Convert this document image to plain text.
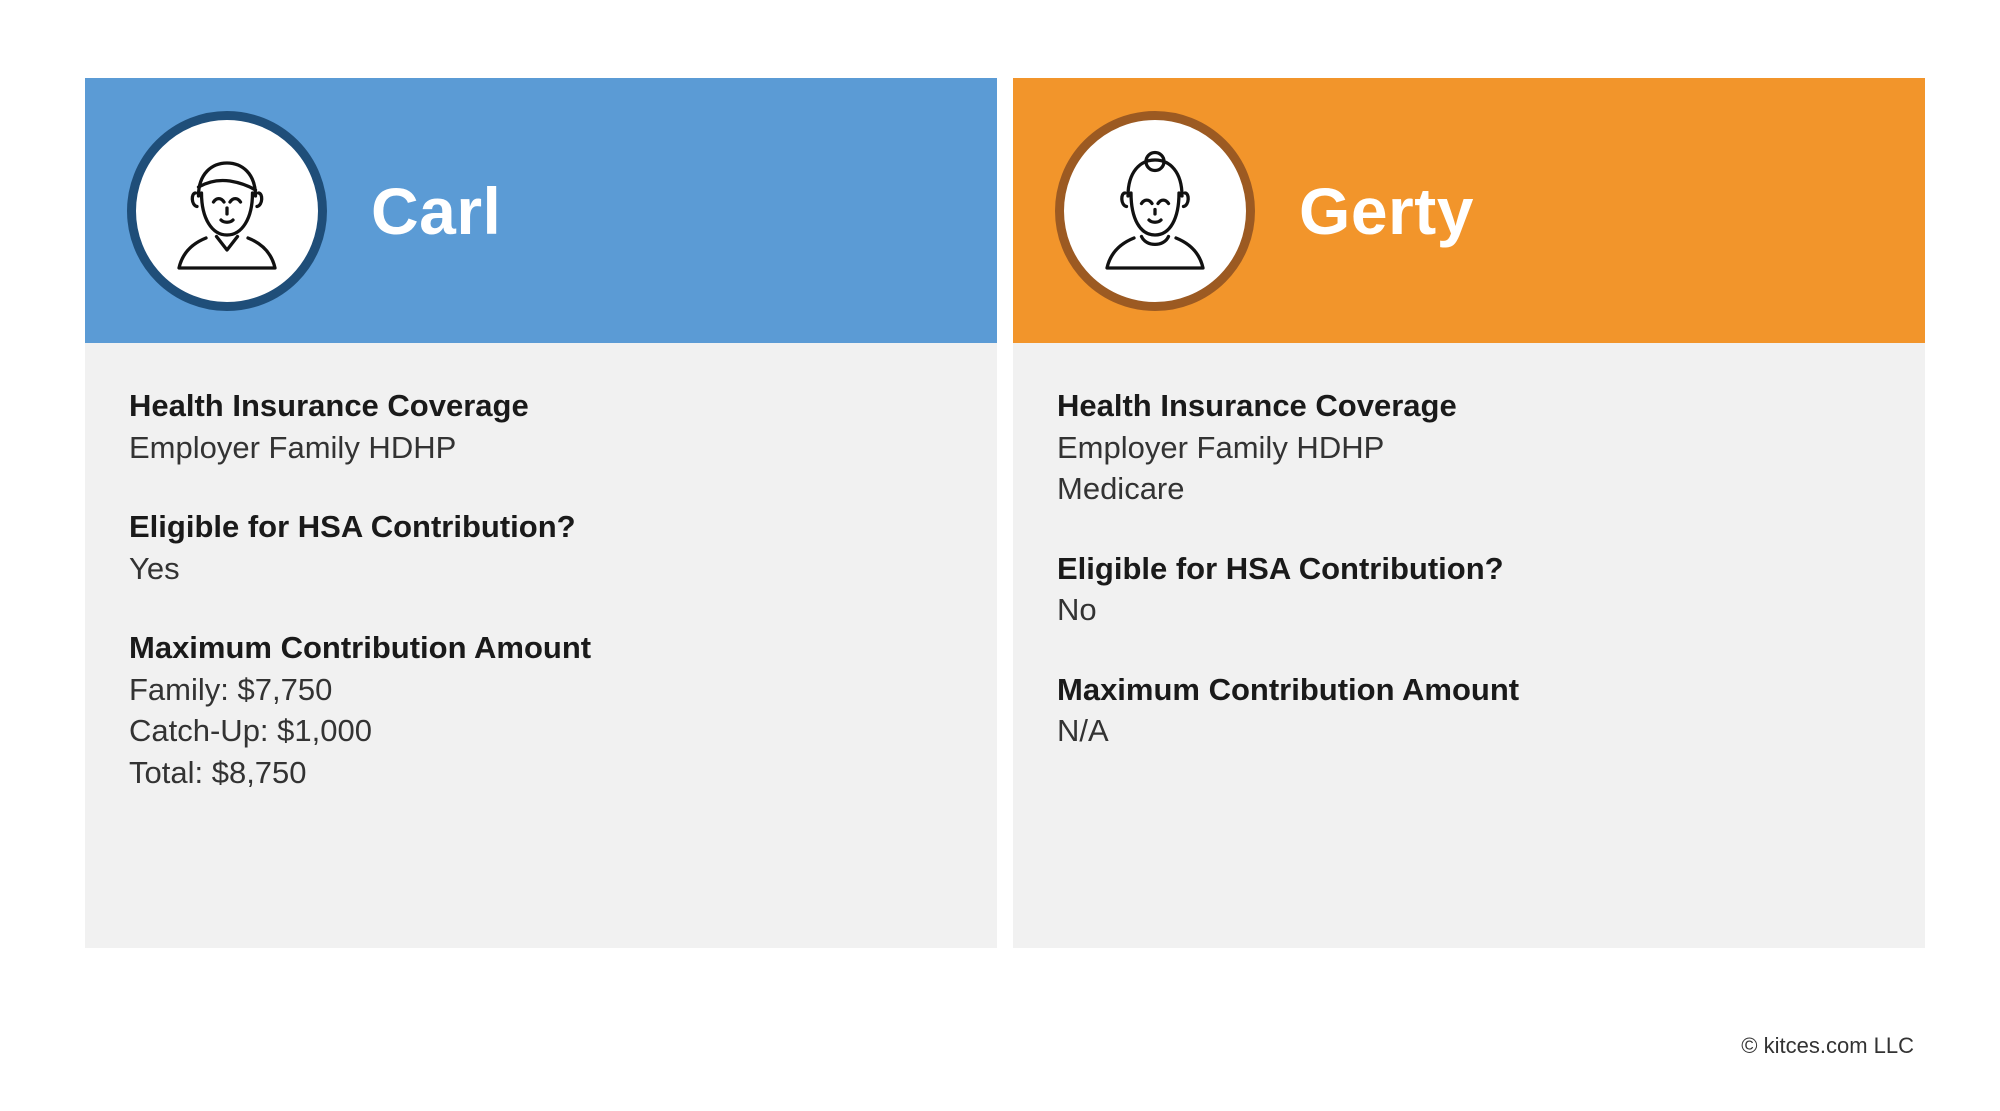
Carl
Health Insurance Coverage
Employer Family HDHP
Eligible for HSA Contribution?
Yes
Maximum Contribution Amount
Family: $7,750
Catch-Up: $1,000
Total: $8,750
Gerty
Health Insurance Coverage
Employer Family HDHP
Medicare
Eligible for HSA Contribution?
No
Maximum Contribution Amount
N/A
© kitces.com LLC
